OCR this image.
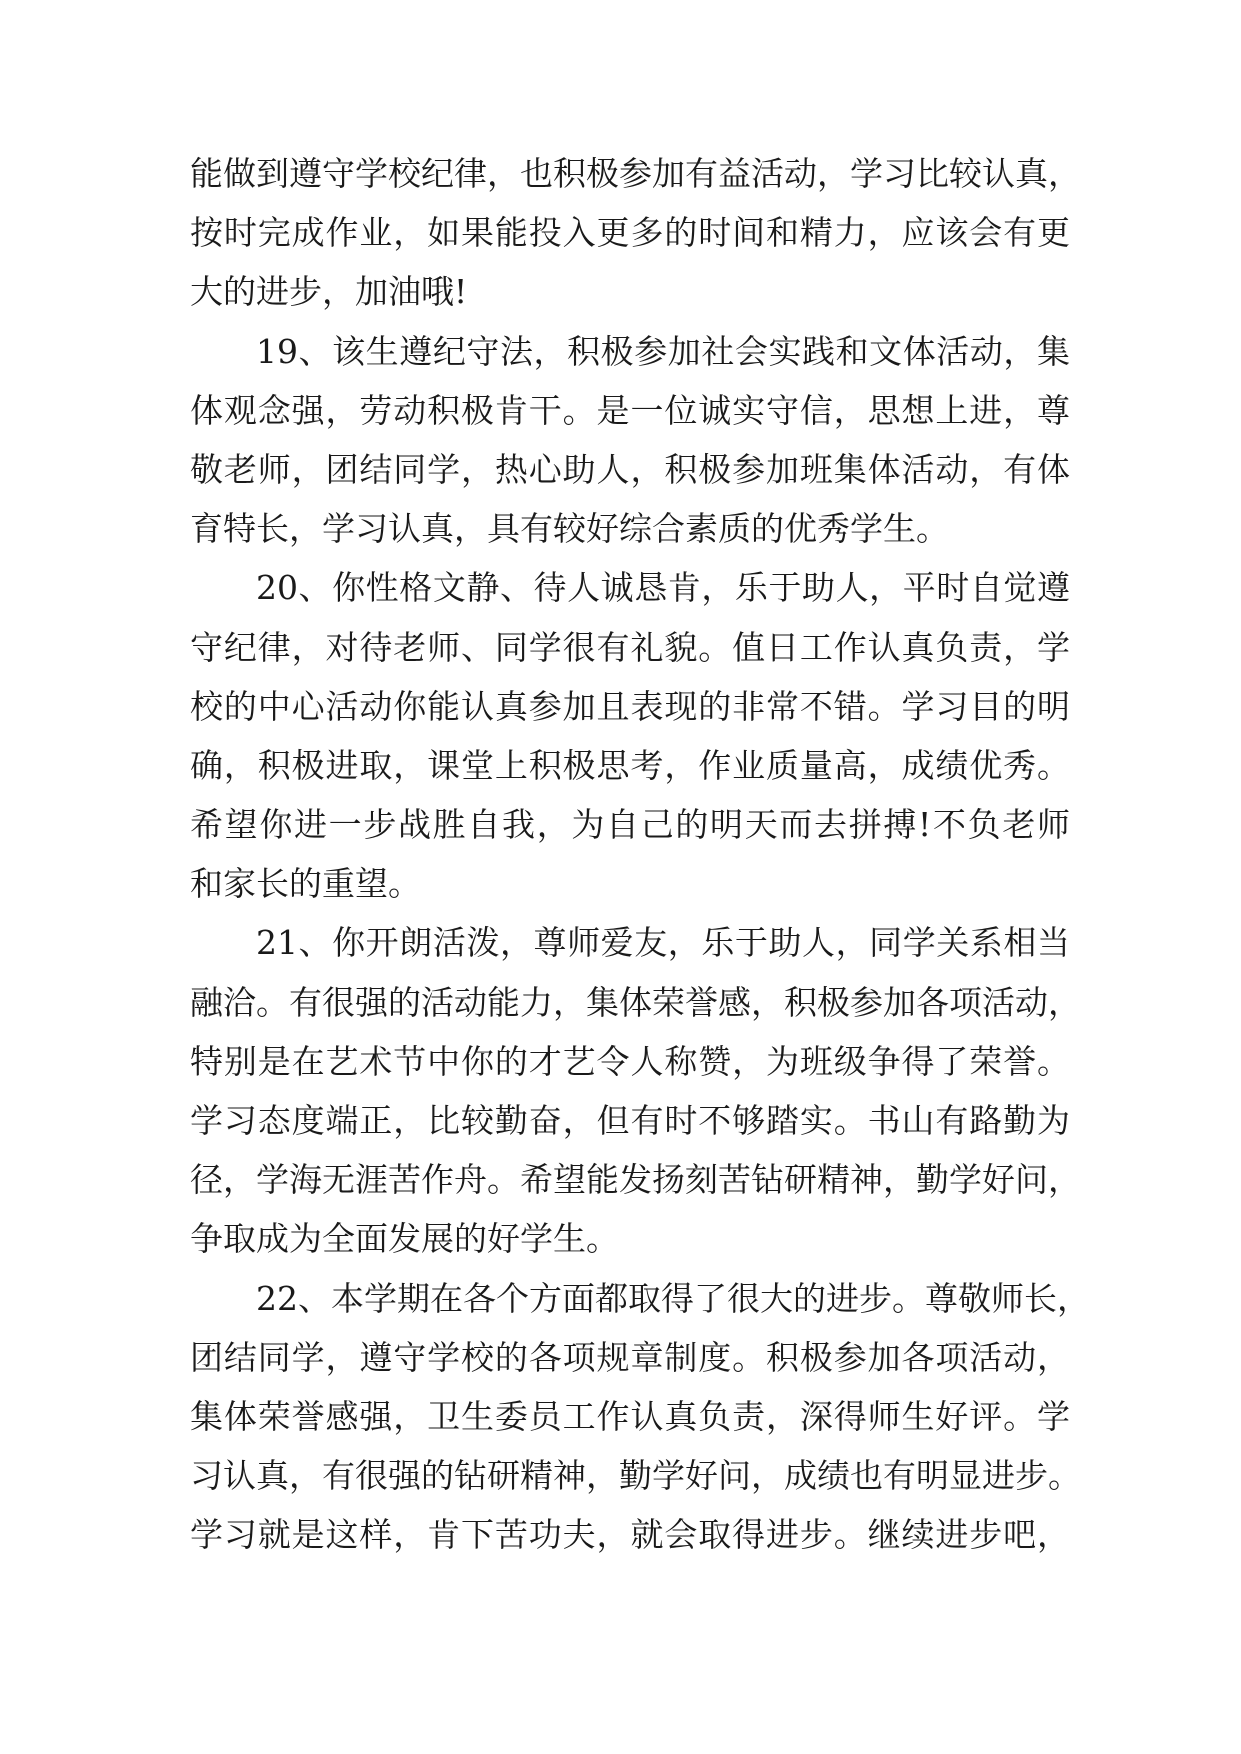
能做到遵守学校纪律，也积极参加有益活动，学习比较认真，
按时完成作业，如果能投入更多的时间和精力，应该会有更
大的进步，加油哦!
19、该生遵纪守法，积极参加社会实践和文体活动，集
体观念强，劳动积极肯干。是一位诚实守信，思想上进，尊
敬老师，团结同学，热心助人，积极参加班集体活动，有体
育特长，学习认真，具有较好综合素质的优秀学生。
20、你性格文静、待人诚恳肯，乐于助人，平时自觉遵
守纪律，对待老师、同学很有礼貌。值日工作认真负责，学
校的中心活动你能认真参加且表现的非常不错。学习目的明
确，积极进取，课堂上积极思考，作业质量高，成绩优秀。
希望你进一步战胜自我，为自己的明天而去拼搏!不负老师
和家长的重望。
21、你开朗活泼，尊师爱友，乐于助人，同学关系相当
融洽。有很强的活动能力，集体荣誉感，积极参加各项活动，
特别是在艺术节中你的才艺令人称赞，为班级争得了荣誉。
学习态度端正，比较勤奋，但有时不够踏实。书山有路勤为
径，学海无涯苦作舟。希望能发扬刻苦钻研精神，勤学好问，
争取成为全面发展的好学生。
22、本学期在各个方面都取得了很大的进步。尊敬师长，
团结同学，遵守学校的各项规章制度。积极参加各项活动，
集体荣誉感强，卫生委员工作认真负责，深得师生好评。学
习认真，有很强的钻研精神，勤学好问，成绩也有明显进步。
学习就是这样，肯下苦功夫，就会取得进步。继续进步吧，
